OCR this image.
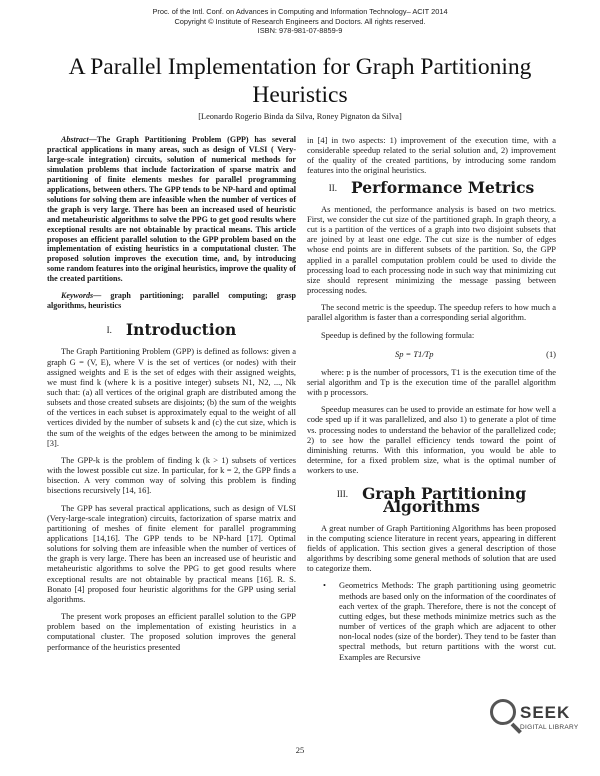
Proc. of the Intl. Conf. on Advances in Computing and Information Technology– ACIT 2014
Copyright © Institute of Research Engineers and Doctors. All rights reserved.
ISBN: 978-981-07-8859-9
A Parallel Implementation for Graph Partitioning Heuristics
[Leonardo Rogerio Binda da Silva, Roney Pignaton da Silva]

Abstract—The Graph Partitioning Problem (GPP) has several practical applications in many areas, such as design of VLSI ( Very-large-scale integration) circuits, solution of numerical methods for simulation problems that include factorization of sparse matrix and partitioning of finite elements meshes for parallel programming applications, between others. The GPP tends to be NP-hard and optimal solutions for solving them are infeasible when the number of vertices of the graph is very large. There has been an increased used of heuristic and metaheuristic algorithms to solve the PPG to get good results where exceptional results are not obtainable by practical means. This article proposes an efficient parallel solution to the GPP problem based on the implementation of existing heuristics in a computational cluster. The proposed solution improves the execution time, and, by introducing some random features into the original heuristics, improve the quality of the created partitions.

Keywords— graph partitioning; parallel computing; grasp algorithms, heuristics

I. Introduction

The Graph Partitioning Problem (GPP) is defined as follows: given a graph G = (V, E), where V is the set of vertices (or nodes) with their assigned weights and E is the set of edges with their assigned weights, we must find k (where k is a positive integer) subsets N1, N2, ..., Nk such that: (a) all vertices of the original graph are distributed among the subsets and those created subsets are disjoints; (b) the sum of the weights of the vertices in each subset is approximately equal to the weight of all vertices divided by the number of subsets k and (c) the cut size, which is the sum of the weights of the edges between the among to be minimized [3].

The GPP-k is the problem of finding k (k > 1) subsets of vertices with the lowest possible cut size. In particular, for k = 2, the GPP finds a bisection. A very common way of solving this problem is finding bisections recursively [14, 16].

The GPP has several practical applications, such as design of VLSI (Very-large-scale integration) circuits, factorization of sparse matrix and partitioning of meshes of finite element for parallel programming applications [14,16]. The GPP tends to be NP-hard [17]. Optimal solutions for solving them are infeasible when the number of vertices of the graph is very large. There has been an increased use of heuristic and metaheuristic algorithms to solve the PPG to get good results where exceptional results are not obtainable by practical means [16]. R. S. Bonato [4] proposed four heuristic algorithms for the GPP using serial algorithms.

The present work proposes an efficient parallel solution to the GPP problem based on the implementation of existing heuristics in a computational cluster. The proposed solution improves the general performance of the heuristics presented

in [4] in two aspects: 1) improvement of the execution time, with a considerable speedup related to the serial solution and, 2) improvement of the quality of the created partitions, by introducing some random features into the original heuristics.

II. Performance Metrics

As mentioned, the performance analysis is based on two metrics. First, we consider the cut size of the partitioned graph. In graph theory, a cut is a partition of the vertices of a graph into two disjoint subsets that are joined by at least one edge. The cut size is the number of edges whose end points are in different subsets of the partition. So, the GPP applied in a parallel computation problem could be used to divide the processing load to each processing node in such way that minimizing cut size should represent minimizing the message passing between processing nodes.

The second metric is the speedup. The speedup refers to how much a parallel algorithm is faster than a corresponding serial algorithm.

Speedup is defined by the following formula:

Sp = T1/Tp	(1)

where: p is the number of processors, T1 is the execution time of the serial algorithm and Tp is the execution time of the parallel algorithm with p processors.

Speedup measures can be used to provide an estimate for how well a code sped up if it was parallelized, and also 1) to generate a plot of time vs. processing nodes to understand the behavior of the parallelized code; 2) to see how the parallel efficiency tends toward the point of diminishing returns. With this information, you would be able to determine, for a fixed problem size, what is the optimal number of workers to use.

III. Graph Partitioning Algorithms

A great number of Graph Partitioning Algorithms has been proposed in the computing science literature in recent years, appearing in different fields of application. This section gives a general description of those algorithms by describing some general methods of solution that are used to categorize them.

• Geometrics Methods: The graph partitioning using geometric methods are based only on the information of the coordinates of each vertex of the graph. Therefore, there is not the concept of cutting edges, but these methods minimize metrics such as the number of vertices of the graph which are adjacent to other non-local nodes (size of the border). They tend to be faster than spectral methods, but return partitions with the worst cut. Examples are Recursive
25
SEEK
DIGITAL LIBRARY
